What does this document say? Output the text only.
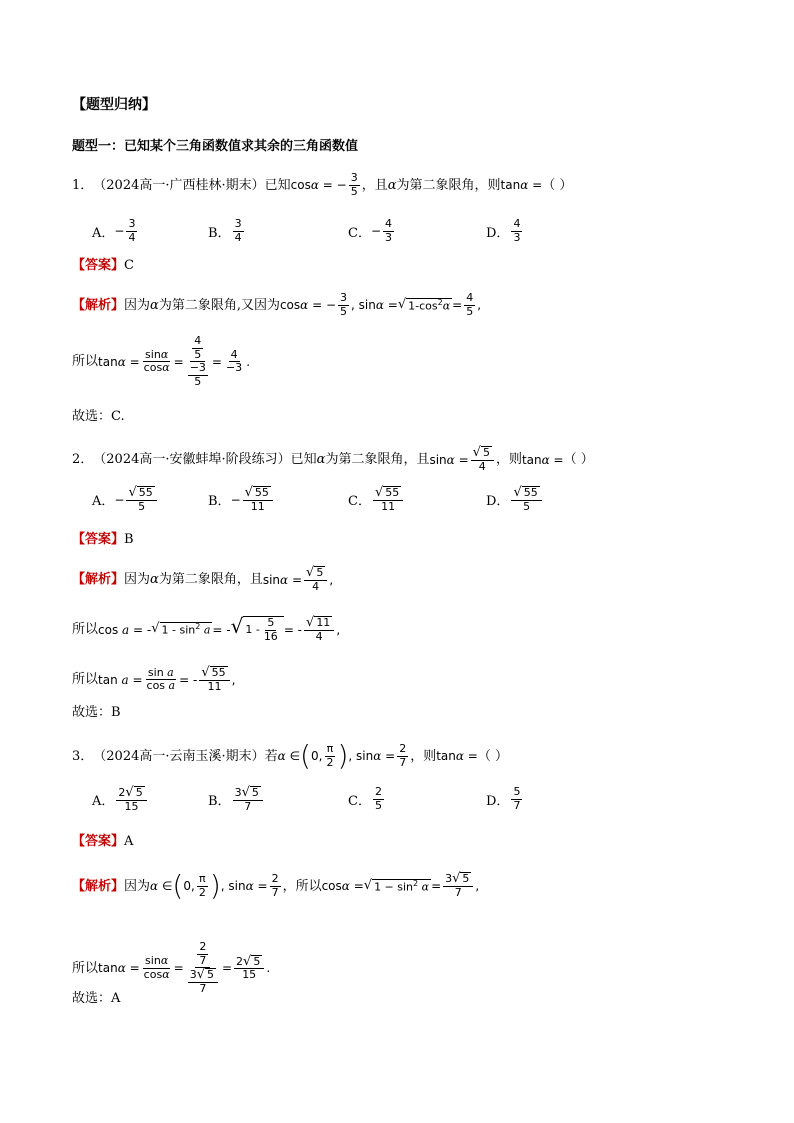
【题型归纳】
题型一：已知某个三角函数值求其余的三角函数值
1． （2024高一·广西桂林·期末） 已知 cosα = − $\frac{3}{5}$ ，且 α 为第二象限角，则 tanα = （ ）
A． − $\frac{3}{4}$	B． $\frac{3}{4}$	C． − $\frac{4}{3}$	D． $\frac{4}{3}$
【答案】 C
【解析】 因为 α 为第二象限角,又因为 cosα = − $\frac{3}{5}$ , sinα = √ $1-\cos^2\alpha = \frac{4}{5}$ ,
所以 $\tan\alpha = \frac{\sin\alpha}{\cos\alpha} = \frac{\frac{4}{5}}{\frac{-3}{5}} = \frac{4}{-3}$ .
故选：C.
2． （2024高一·安徽蚌埠·阶段练习） 已知 α 为第二象限角，且 $\sin\alpha = \frac{√ 5}{4}$ ，则 tanα = （ ）
A． − $\frac{√ 55}{5}$	B． − $\frac{√ 55}{11}$	C． $\frac{√ 55}{11}$	D． $\frac{√ 55}{5}$
【答案】 B
【解析】 因为 α 为第二象限角，且 $\sin\alpha = \frac{√ 5}{4}$ ,
所以 cos a = - √ $1 - \sin^2 a$ = - √ $1 - \frac{5}{16}$ = - $\frac{√ 11}{4}$ ,
所以 $\tan a = \frac{\text{sin a}}{\text{cos a}}$ = - $\frac{√ 55}{11}$ ,
故选：B
3． （2024高一·云南玉溪·期末） 若 α ∈ ( 0, $\frac{\pi}{2}$ ) , $\sin\alpha = \frac{2}{7}$ ，则 tanα = （ ）
A． $\frac{2 √ 5}{15}$	B． $\frac{3 √ 5}{7}$	C． $\frac{2}{5}$	D． $\frac{5}{7}$
【答案】 A
【解析】 因为 α ∈ ( 0, $\frac{\pi}{2}$ ) , $\sin\alpha = \frac{2}{7}$ ，所以 cosα = √ $1 - \sin^2 \alpha = \frac{3 √ 5}{7}$ ,
所以 $\tan\alpha = \frac{\sin\alpha}{\cos\alpha} = \frac{\frac{2}{7}}{\frac{3 √ 5}{7}} = \frac{2 √ 5}{15}$ .
故选：A
